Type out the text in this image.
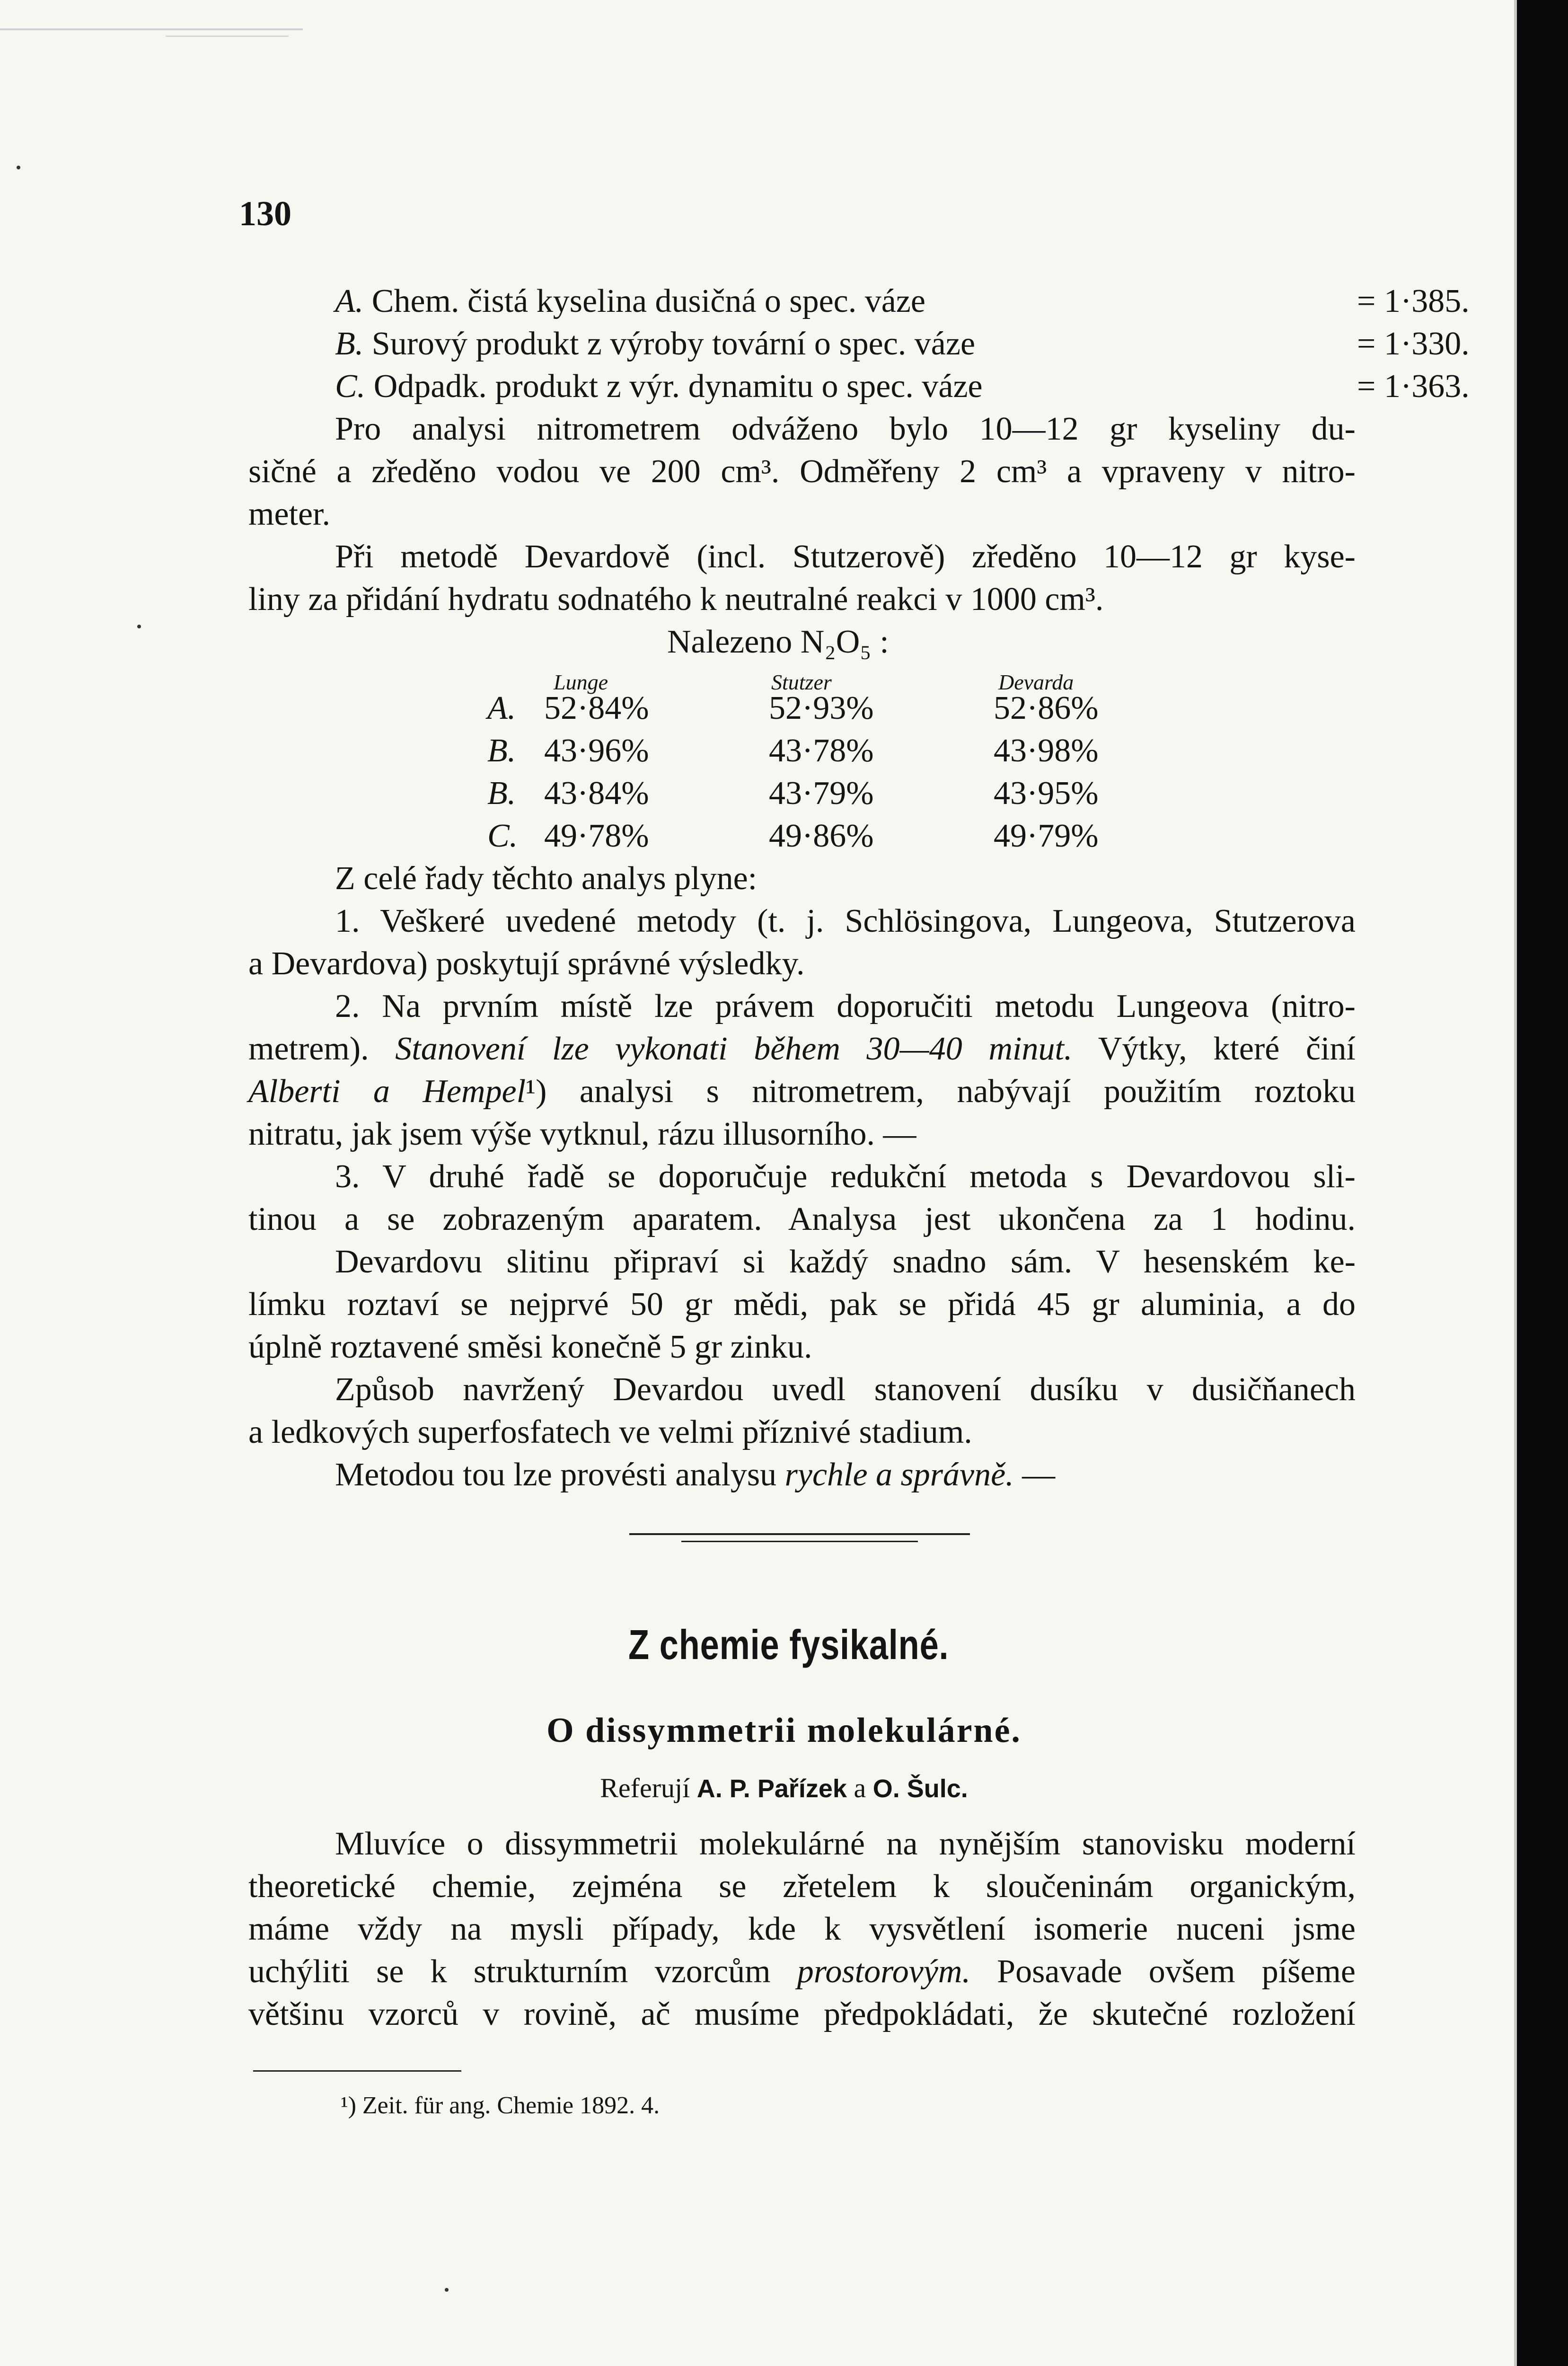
130
A. Chem. čistá kyselina dusičná o spec. váze	= 1·385.
B. Surový produkt z výroby tovární o spec. váze	= 1·330.
C. Odpadk. produkt z výr. dynamitu o spec. váze	= 1·363.
Pro analysi nitrometrem odváženo bylo 10—12 gr kyseliny du-
sičné a zředěno vodou ve 200 cm³. Odměřeny 2 cm³ a vpraveny v nitro-
meter.
Při metodě Devardově (incl. Stutzerově) zředěno 10—12 gr kyse-
liny za přidání hydratu sodnatého k neutralné reakci v 1000 cm³.
Nalezeno N₂O₅ :
Lunge	Stutzer	Devarda
A. 52·84%	52·93%	52·86%
B. 43·96%	43·78%	43·98%
B. 43·84%	43·79%	43·95%
C. 49·78%	49·86%	49·79%
Z celé řady těchto analys plyne:
1. Veškeré uvedené metody (t. j. Schlösingova, Lungeova, Stutzerova
a Devardova) poskytují správné výsledky.
2. Na prvním místě lze právem doporučiti metodu Lungeova (nitro-
metrem). Stanovení lze vykonati během 30—40 minut. Výtky, které činí
Alberti a Hempel¹) analysi s nitrometrem, nabývají použitím roztoku
nitratu, jak jsem výše vytknul, rázu illusorního. —
3. V druhé řadě se doporučuje redukční metoda s Devardovou sli-
tinou a se zobrazeným aparatem. Analysa jest ukončena za 1 hodinu.
Devardovu slitinu připraví si každý snadno sám. V hesenském ke-
límku roztaví se nejprvé 50 gr mědi, pak se přidá 45 gr aluminia, a do
úplně roztavené směsi konečně 5 gr zinku.
Způsob navržený Devardou uvedl stanovení dusíku v dusičňanech
a ledkových superfosfatech ve velmi příznivé stadium.
Metodou tou lze provésti analysu rychle a správně. —
Z chemie fysikalné.
O dissymmetrii molekulárné.
Referují A. P. Pařízek a O. Šulc.
Mluvíce o dissymmetrii molekulárné na nynějším stanovisku moderní
theoretické chemie, zejména se zřetelem k sloučeninám organickým,
máme vždy na mysli případy, kde k vysvětlení isomerie nuceni jsme
uchýliti se k strukturním vzorcům prostorovým. Posavade ovšem píšeme
většinu vzorců v rovině, ač musíme předpokládati, že skutečné rozložení
¹) Zeit. für ang. Chemie 1892. 4.
